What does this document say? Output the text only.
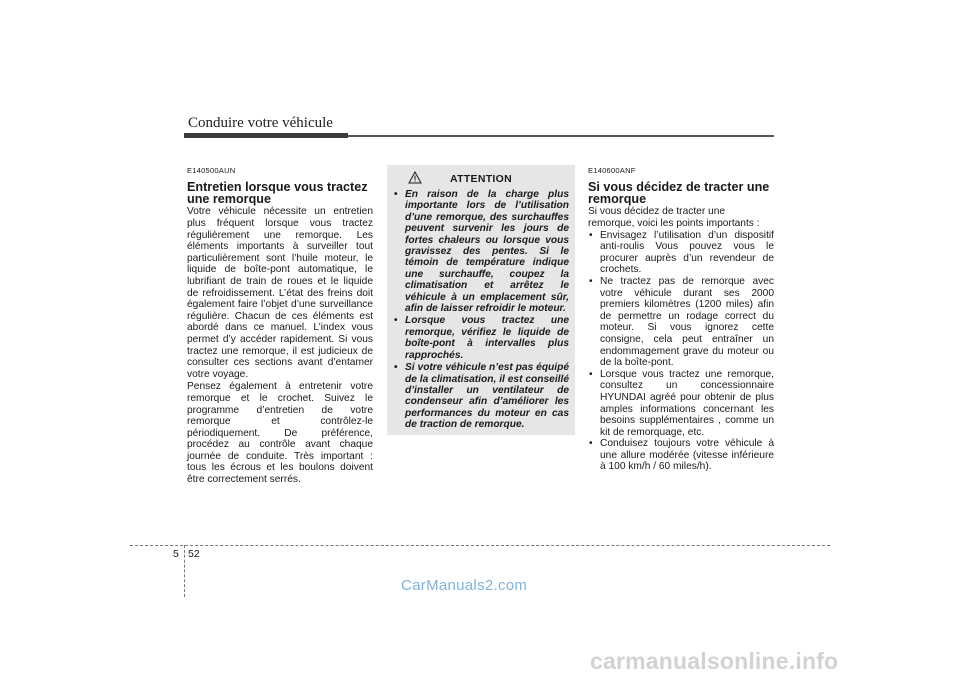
Conduire votre véhicule
E140500AUN
Entretien lorsque vous tractez une remorque

Votre véhicule nécessite un entretien plus fréquent lorsque vous tractez régulièrement une remorque. Les éléments importants à surveiller tout particulièrement sont l’huile moteur, le liquide de boîte-pont automatique, le lubrifiant de train de roues et le liquide de refroidissement. L’état des freins doit également faire l’objet d’une surveillance régulière. Chacun de ces éléments est abordé dans ce manuel. L’index vous permet d’y accéder rapidement. Si vous tractez une remorque, il est judicieux de consulter ces sections avant d’entamer votre voyage.

Pensez également à entretenir votre remorque et le crochet. Suivez le programme d’entretien de votre remorque et contrôlez-le périodiquement. De préférence, procédez au contrôle avant chaque journée de conduite. Très important : tous les écrous et les boulons doivent être correctement serrés.

ATTENTION
• En raison de la charge plus importante lors de l’utilisation d’une remorque, des surchauffes peuvent survenir les jours de fortes chaleurs ou lorsque vous gravissez des pentes. Si le témoin de température indique une surchauffe, coupez la climatisation et arrêtez le véhicule à un emplacement sûr, afin de laisser refroidir le moteur.
• Lorsque vous tractez une remorque, vérifiez le liquide de boîte-pont à intervalles plus rapprochés.
• Si votre véhicule n’est pas équipé de la climatisation, il est conseillé d’installer un ventilateur de condenseur afin d’améliorer les performances du moteur en cas de traction de remorque.
E140600ANF
Si vous décidez de tracter une remorque

Si vous décidez de tracter une remorque, voici les points importants :

• Envisagez l’utilisation d’un dispositif anti-roulis Vous pouvez vous le procurer auprès d’un revendeur de crochets.
• Ne tractez pas de remorque avec votre véhicule durant ses 2000 premiers kilomètres (1200 miles) afin de permettre un rodage correct du moteur. Si vous ignorez cette consigne, cela peut entraîner un endommagement grave du moteur ou de la boîte-pont.
• Lorsque vous tractez une remorque, consultez un concessionnaire HYUNDAI agréé pour obtenir de plus amples informations concernant les besoins supplémentaires , comme un kit de remorquage, etc.
• Conduisez toujours votre véhicule à une allure modérée (vitesse inférieure à 100 km/h / 60 miles/h).
5 52
CarManuals2.com
carmanualsonline.info
